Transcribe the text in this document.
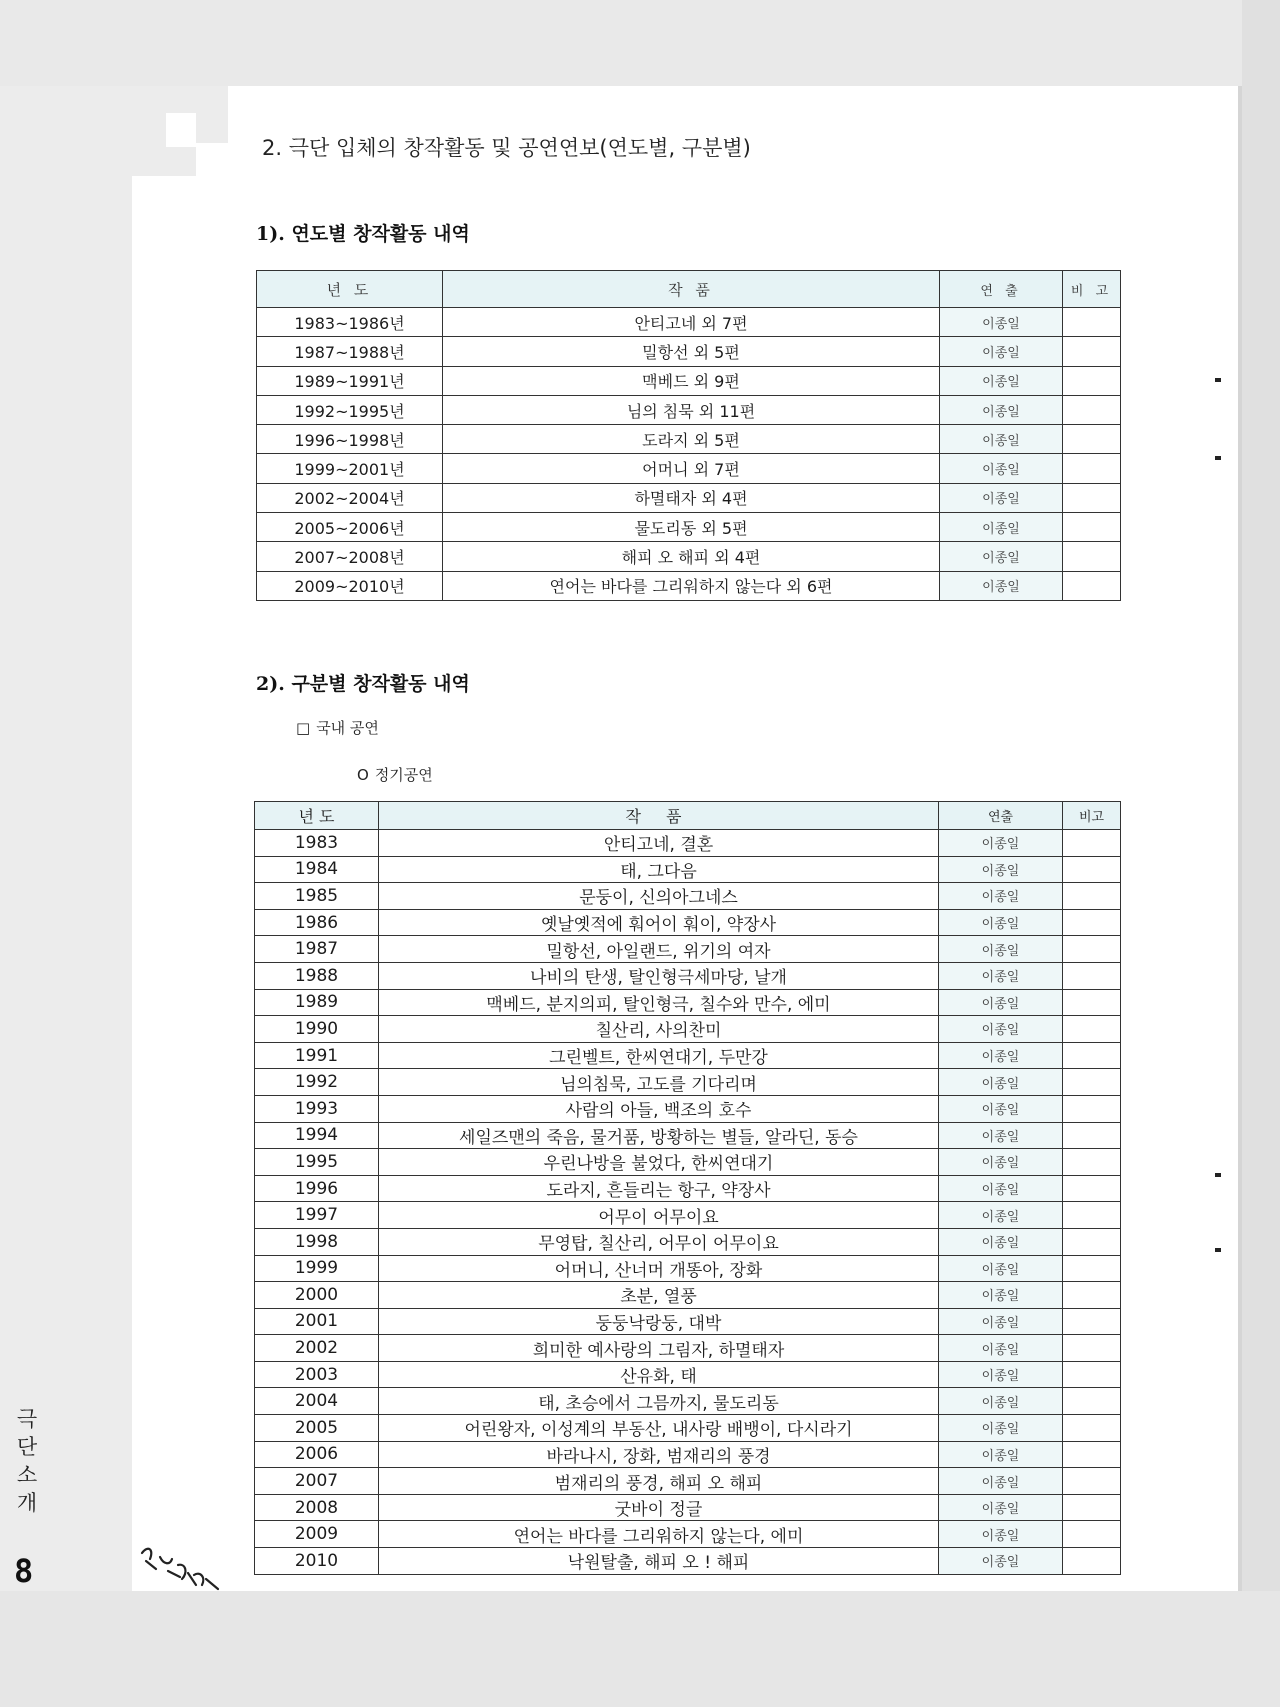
2. 극단 입체의 창작활동 및 공연연보(연도별, 구분별)
1). 연도별 창작활동 내역
년 도	작 품	연 출	비 고
1983~1986년	안티고네 외 7편	이종일	
1987~1988년	밀항선 외 5편	이종일	
1989~1991년	맥베드 외 9편	이종일	
1992~1995년	님의 침묵 외 11편	이종일	
1996~1998년	도라지 외 5편	이종일	
1999~2001년	어머니 외 7편	이종일	
2002~2004년	하멸태자 외 4편	이종일	
2005~2006년	물도리동 외 5편	이종일	
2007~2008년	해피 오 해피 외 4편	이종일	
2009~2010년	연어는 바다를 그리워하지 않는다 외 6편	이종일	
2). 구분별 창작활동 내역
□ 국내 공연
O 정기공연
년 도	작 품	연출	비고
1983	안티고네, 결혼	이종일	
1984	태, 그다음	이종일	
1985	문둥이, 신의아그네스	이종일	
1986	옛날옛적에 훠어이 훠이, 약장사	이종일	
1987	밀항선, 아일랜드, 위기의 여자	이종일	
1988	나비의 탄생, 탈인형극세마당, 날개	이종일	
1989	맥베드, 분지의피, 탈인형극, 칠수와 만수, 에미	이종일	
1990	칠산리, 사의찬미	이종일	
1991	그린벨트, 한씨연대기, 두만강	이종일	
1992	님의침묵, 고도를 기다리며	이종일	
1993	사람의 아들, 백조의 호수	이종일	
1994	세일즈맨의 죽음, 물거품, 방황하는 별들, 알라딘, 동승	이종일	
1995	우린나방을 불었다, 한씨연대기	이종일	
1996	도라지, 흔들리는 항구, 약장사	이종일	
1997	어무이 어무이요	이종일	
1998	무영탑, 칠산리, 어무이 어무이요	이종일	
1999	어머니, 산너머 개똥아, 장화	이종일	
2000	초분, 열풍	이종일	
2001	둥둥낙랑둥, 대박	이종일	
2002	희미한 예사랑의 그림자, 하멸태자	이종일	
2003	산유화, 태	이종일	
2004	태, 초승에서 그믐까지, 물도리동	이종일	
2005	어린왕자, 이성계의 부동산, 내사랑 배뱅이, 다시라기	이종일	
2006	바라나시, 장화, 범재리의 풍경	이종일	
2007	범재리의 풍경, 해피 오 해피	이종일	
2008	굿바이 정글	이종일	
2009	연어는 바다를 그리워하지 않는다, 에미	이종일	
2010	낙원탈출, 해피 오 ! 해피	이종일	
극
단
소
개
8
